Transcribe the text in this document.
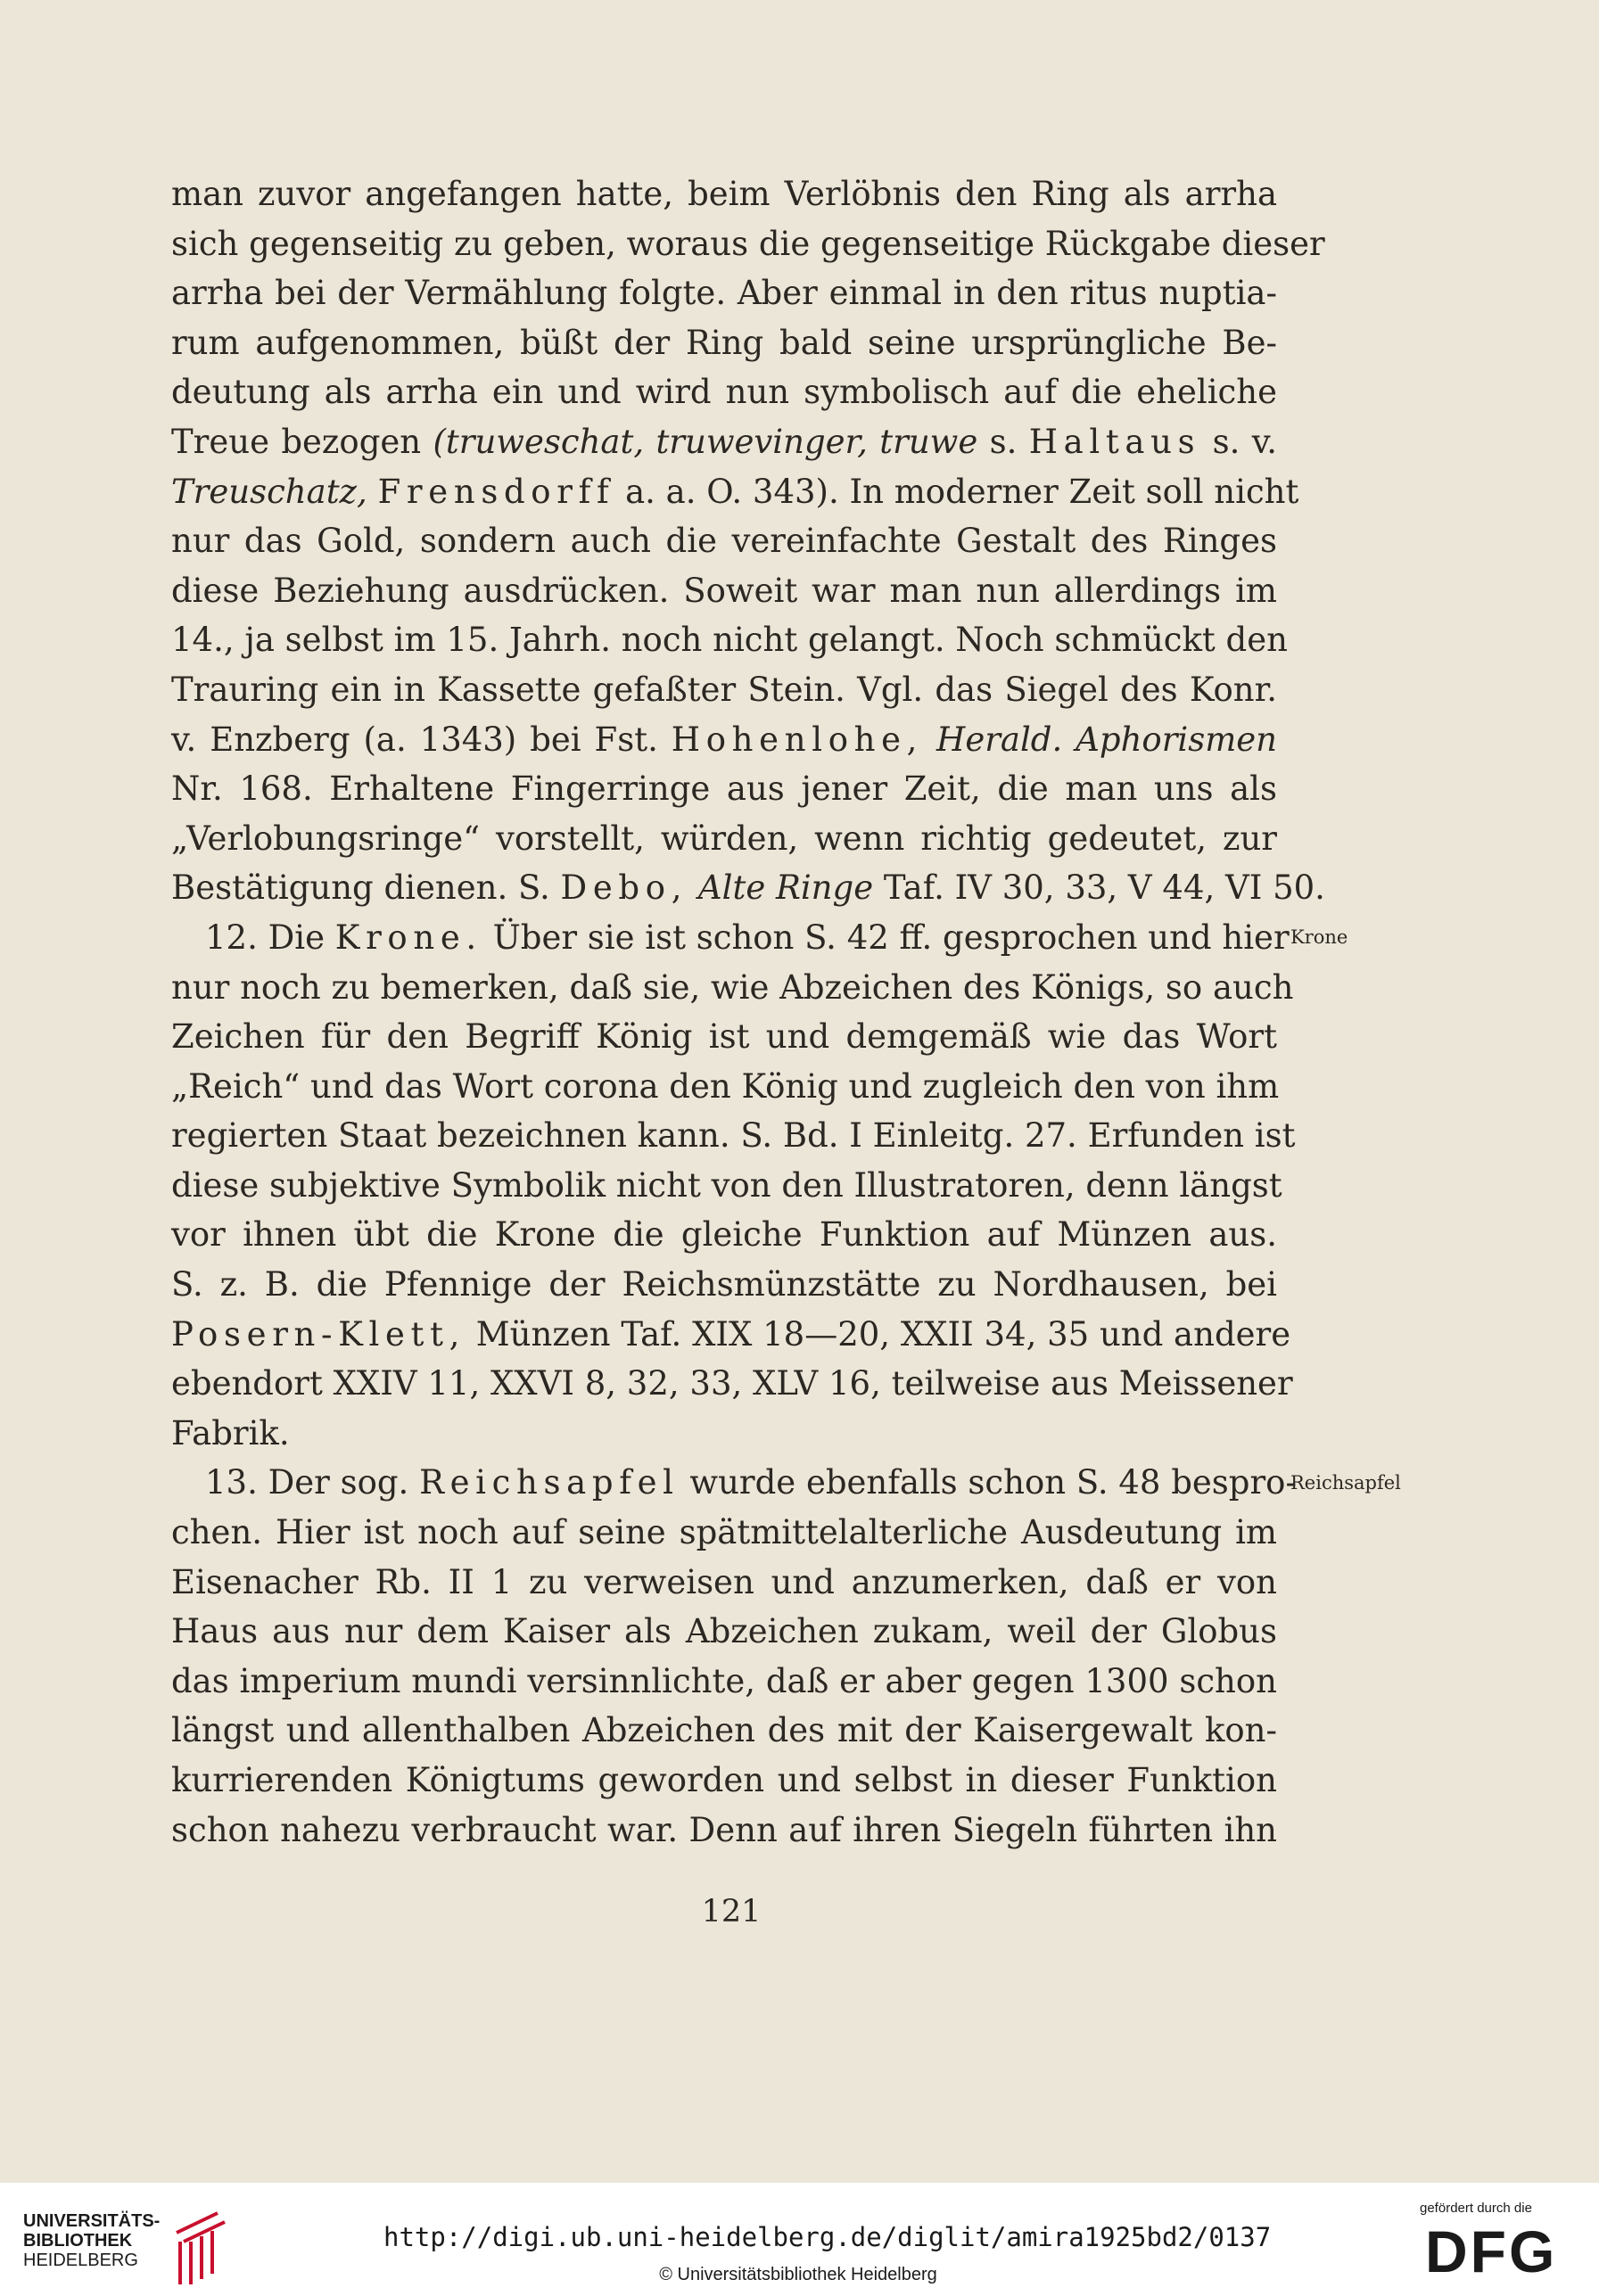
man zuvor angefangen hatte, beim Verlöbnis den Ring als arrha
sich gegenseitig zu geben, woraus die gegenseitige Rückgabe dieser
arrha bei der Vermählung folgte. Aber einmal in den ritus nuptia-
rum aufgenommen, büßt der Ring bald seine ursprüngliche Be-
deutung als arrha ein und wird nun symbolisch auf die eheliche
Treue bezogen (truweschat, truwevinger, truwe s. Haltaus s. v.
Treuschatz, Frensdorff a. a. O. 343). In moderner Zeit soll nicht
nur das Gold, sondern auch die vereinfachte Gestalt des Ringes
diese Beziehung ausdrücken. Soweit war man nun allerdings im
14., ja selbst im 15. Jahrh. noch nicht gelangt. Noch schmückt den
Trauring ein in Kassette gefaßter Stein. Vgl. das Siegel des Konr.
v. Enzberg (a. 1343) bei Fst. Hohenlohe, Herald. Aphorismen
Nr. 168. Erhaltene Fingerringe aus jener Zeit, die man uns als
„Verlobungsringe“ vorstellt, würden, wenn richtig gedeutet, zur
Bestätigung dienen. S. Debo, Alte Ringe Taf. IV 30, 33, V 44, VI 50.
12. Die Krone. Über sie ist schon S. 42 ff. gesprochen und hier
nur noch zu bemerken, daß sie, wie Abzeichen des Königs, so auch
Zeichen für den Begriff König ist und demgemäß wie das Wort
„Reich“ und das Wort corona den König und zugleich den von ihm
regierten Staat bezeichnen kann. S. Bd. I Einleitg. 27. Erfunden ist
diese subjektive Symbolik nicht von den Illustratoren, denn längst
vor ihnen übt die Krone die gleiche Funktion auf Münzen aus.
S. z. B. die Pfennige der Reichsmünzstätte zu Nordhausen, bei
Posern-Klett, Münzen Taf. XIX 18—20, XXII 34, 35 und andere
ebendort XXIV 11, XXVI 8, 32, 33, XLV 16, teilweise aus Meissener
Fabrik.
13. Der sog. Reichsapfel wurde ebenfalls schon S. 48 bespro-
chen. Hier ist noch auf seine spätmittelalterliche Ausdeutung im
Eisenacher Rb. II 1 zu verweisen und anzumerken, daß er von
Haus aus nur dem Kaiser als Abzeichen zukam, weil der Globus
das imperium mundi versinnlichte, daß er aber gegen 1300 schon
längst und allenthalben Abzeichen des mit der Kaisergewalt kon-
kurrierenden Königtums geworden und selbst in dieser Funktion
schon nahezu verbraucht war. Denn auf ihren Siegeln führten ihn
Krone
Reichsapfel
121
UNIVERSITÄTS-
BIBLIOTHEK
HEIDELBERG
http://digi.ub.uni-heidelberg.de/diglit/amira1925bd2/0137
© Universitätsbibliothek Heidelberg
gefördert durch die
DFG
